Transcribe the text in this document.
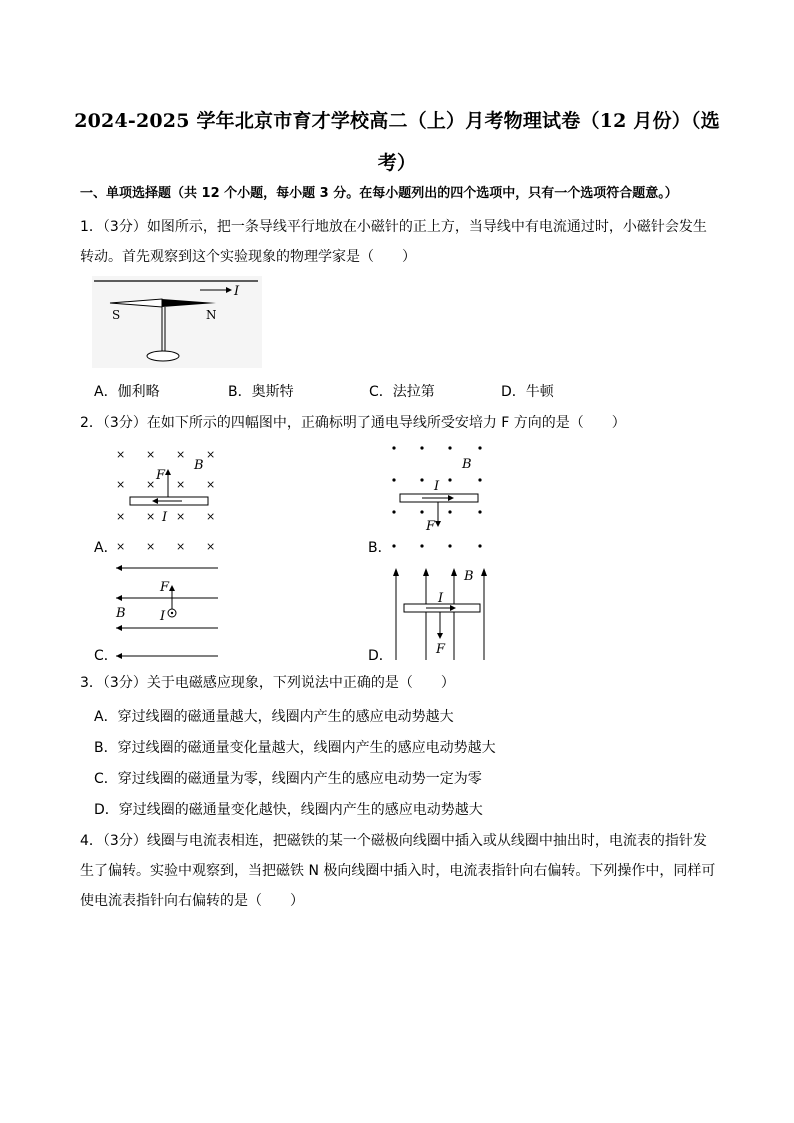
2024-2025 学年北京市育才学校高二（上）月考物理试卷（12 月份）（选考）
一、单项选择题（共 12 个小题，每小题 3 分。在每小题列出的四个选项中，只有一个选项符合题意。）
1．（3分）如图所示，把一条导线平行地放在小磁针的正上方，当导线中有电流通过时，小磁针会发生转动。首先观察到这个实验现象的物理学家是（　　）
I
S	N
A．伽利略	B．奥斯特	C．法拉第	D．牛顿
2．（3分）在如下所示的四幅图中，正确标明了通电导线所受安培力 F 方向的是（　　）
× × × ×
× × × ×
× × × ×
× × × ×
F
B
I
A．
F
B
I
B．
F
B	I
C．	F
B
I
D．
3．（3分）关于电磁感应现象，下列说法中正确的是（　　）
A．穿过线圈的磁通量越大，线圈内产生的感应电动势越大
B．穿过线圈的磁通量变化量越大，线圈内产生的感应电动势越大
C．穿过线圈的磁通量为零，线圈内产生的感应电动势一定为零
D．穿过线圈的磁通量变化越快，线圈内产生的感应电动势越大
4．（3分）线圈与电流表相连，把磁铁的某一个磁极向线圈中插入或从线圈中抽出时，电流表的指针发生了偏转。实验中观察到，当把磁铁 N 极向线圈中插入时，电流表指针向右偏转。下列操作中，同样可使电流表指针向右偏转的是（　　）
